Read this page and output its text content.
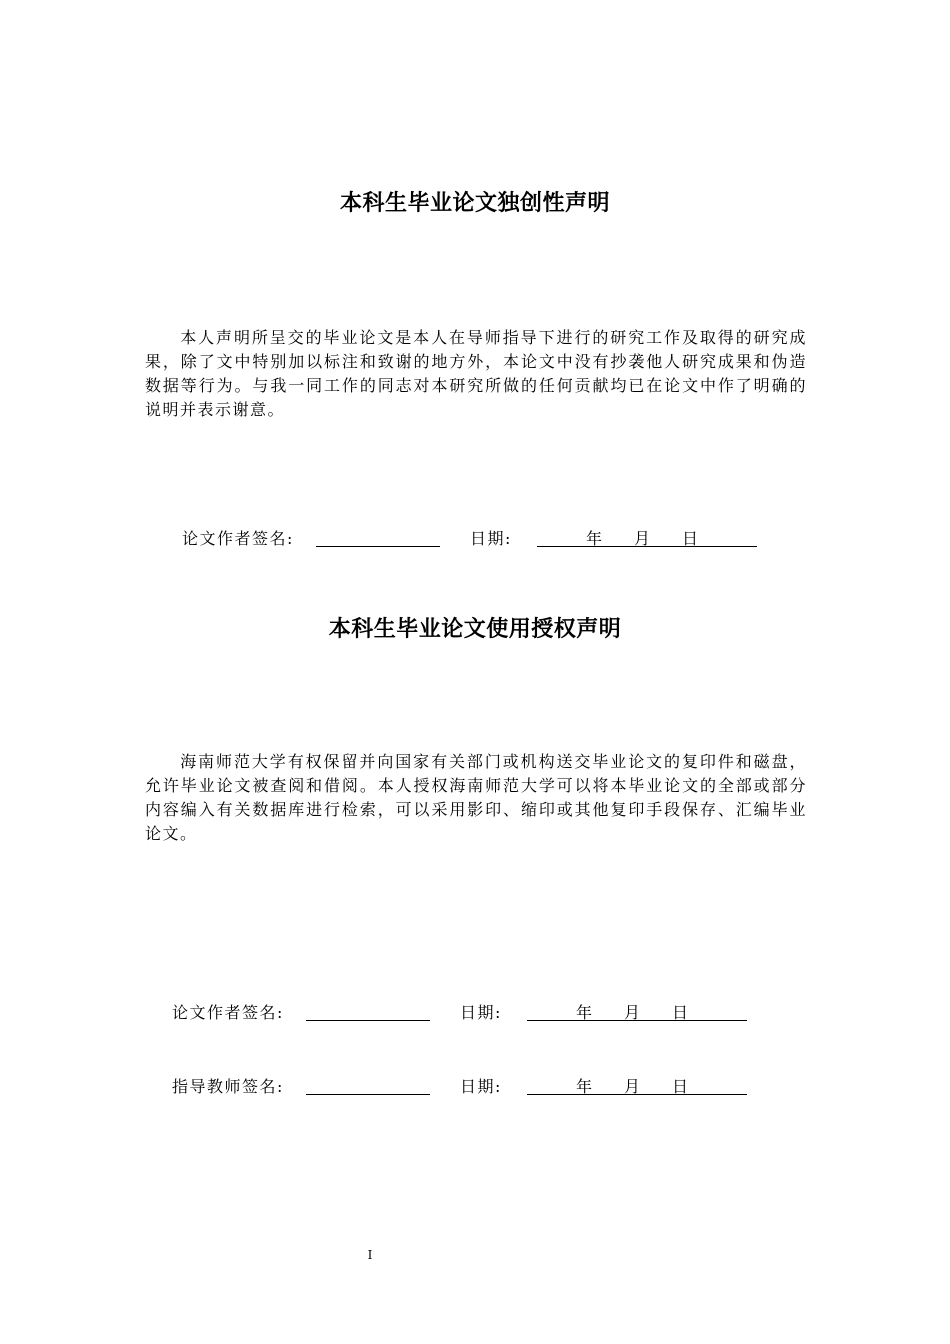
本科生毕业论文独创性声明

本人声明所呈交的毕业论文是本人在导师指导下进行的研究工作及取得的研究成果，除了文中特别加以标注和致谢的地方外，本论文中没有抄袭他人研究成果和伪造数据等行为。与我一同工作的同志对本研究所做的任何贡献均已在论文中作了明确的说明并表示谢意。

论文作者签名:	日期:	年 月 日
本科生毕业论文使用授权声明

海南师范大学有权保留并向国家有关部门或机构送交毕业论文的复印件和磁盘，允许毕业论文被查阅和借阅。本人授权海南师范大学可以将本毕业论文的全部或部分内容编入有关数据库进行检索，可以采用影印、缩印或其他复印手段保存、汇编毕业论文。

论文作者签名:	日期:	年 月 日
指导教师签名:	日期:	年 月 日
I
